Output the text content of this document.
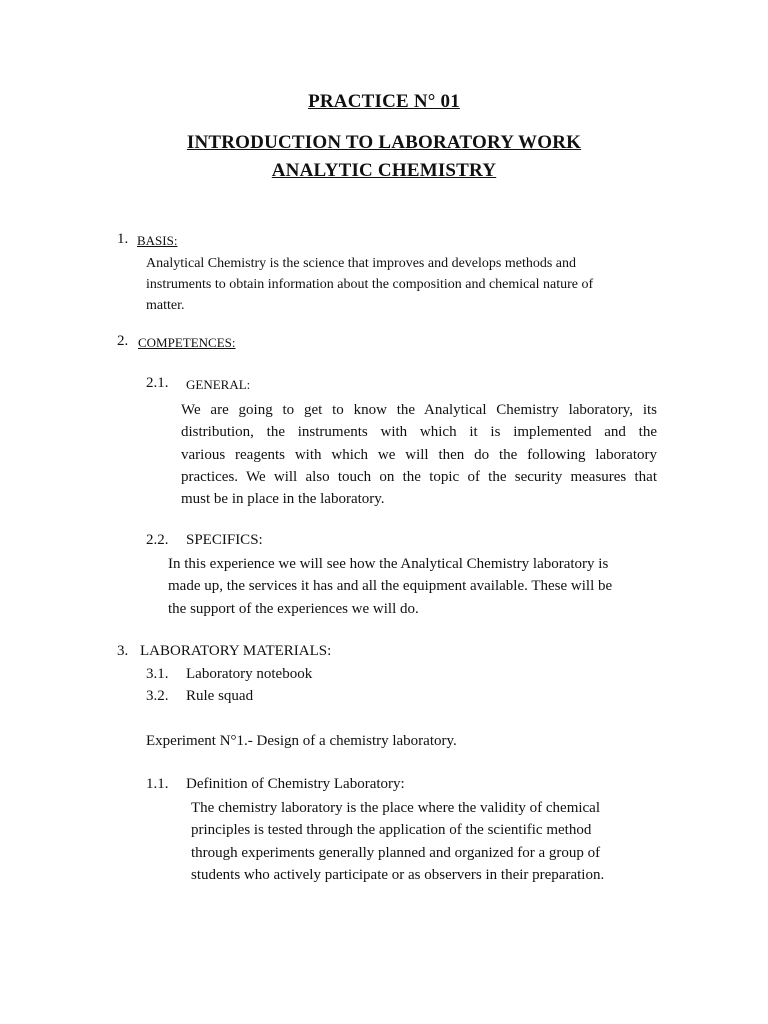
PRACTICE N° 01
INTRODUCTION TO LABORATORY WORK
ANALYTIC CHEMISTRY
1. BASIS:
Analytical Chemistry is the science that improves and develops methods and
instruments to obtain information about the composition and chemical nature of
matter.
2. COMPETENCES:
2.1. GENERAL:
We are going to get to know the Analytical Chemistry laboratory, its
distribution, the instruments with which it is implemented and the
various reagents with which we will then do the following laboratory
practices. We will also touch on the topic of the security measures that
must be in place in the laboratory.
2.2. SPECIFICS:
In this experience we will see how the Analytical Chemistry laboratory is
made up, the services it has and all the equipment available. These will be
the support of the experiences we will do.
3. LABORATORY MATERIALS:
3.1. Laboratory notebook
3.2. Rule squad
Experiment N°1.- Design of a chemistry laboratory.
1.1. Definition of Chemistry Laboratory:
The chemistry laboratory is the place where the validity of chemical
principles is tested through the application of the scientific method
through experiments generally planned and organized for a group of
students who actively participate or as observers in their preparation.
